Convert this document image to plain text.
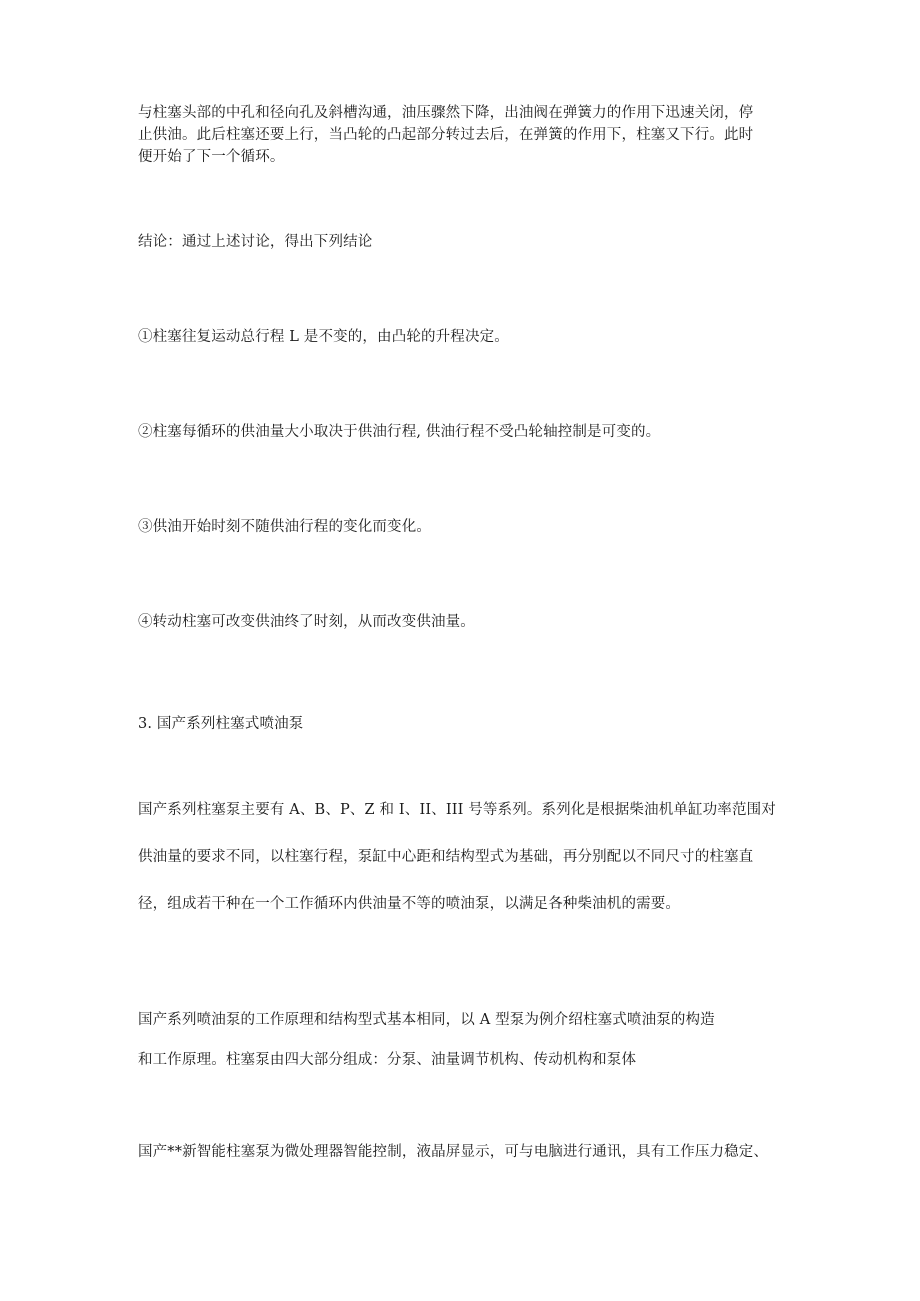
与柱塞头部的中孔和径向孔及斜槽沟通，油压骤然下降，出油阀在弹簧力的作用下迅速关闭，停
止供油。此后柱塞还要上行，当凸轮的凸起部分转过去后，在弹簧的作用下，柱塞又下行。此时
便开始了下一个循环。

结论：通过上述讨论，得出下列结论

①柱塞往复运动总行程 L 是不变的，由凸轮的升程决定。

②柱塞每循环的供油量大小取决于供油行程, 供油行程不受凸轮轴控制是可变的。

③供油开始时刻不随供油行程的变化而变化。

④转动柱塞可改变供油终了时刻，从而改变供油量。

3. 国产系列柱塞式喷油泵

国产系列柱塞泵主要有 A、B、P、Z 和 I、II、III 号等系列。系列化是根据柴油机单缸功率范围对
供油量的要求不同，以柱塞行程，泵缸中心距和结构型式为基础，再分别配以不同尺寸的柱塞直
径，组成若干种在一个工作循环内供油量不等的喷油泵，以满足各种柴油机的需要。

国产系列喷油泵的工作原理和结构型式基本相同，以 A 型泵为例介绍柱塞式喷油泵的构造
和工作原理。柱塞泵由四大部分组成：分泵、油量调节机构、传动机构和泵体

国产**新智能柱塞泵为微处理器智能控制，液晶屏显示，可与电脑进行通讯，具有工作压力稳定、
